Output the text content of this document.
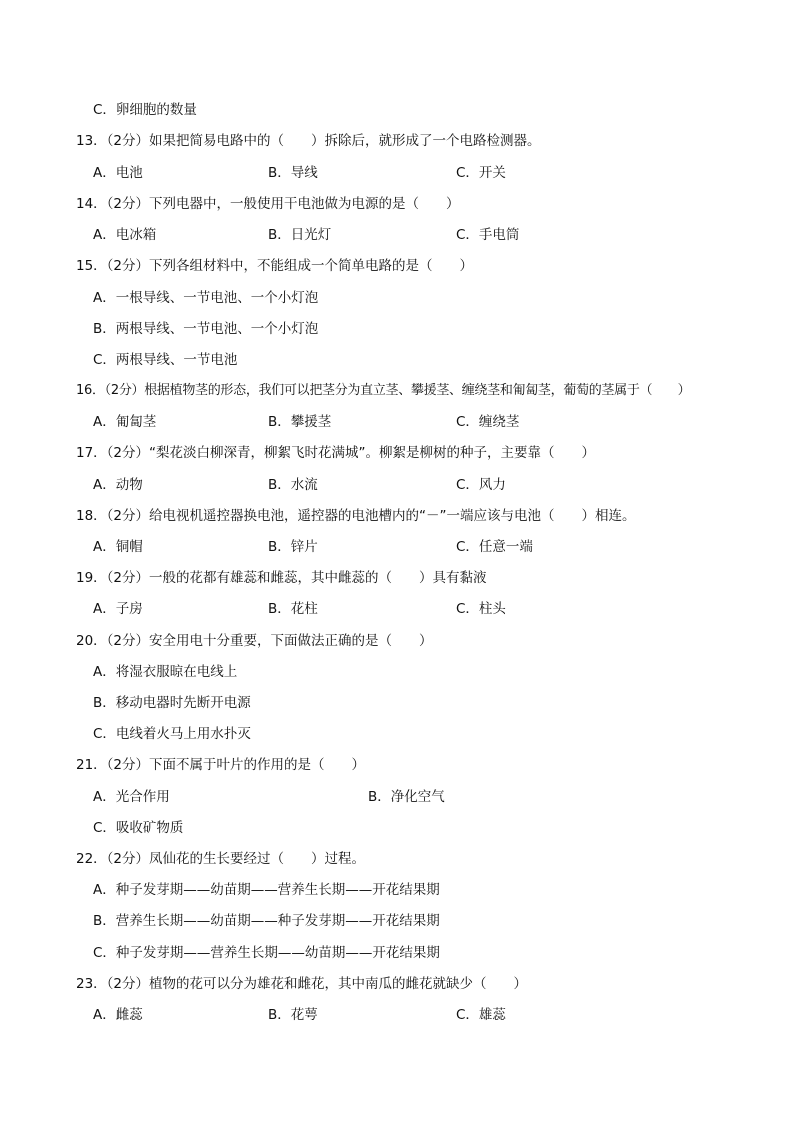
C．卵细胞的数量
13．（2分）如果把简易电路中的（　　）拆除后，就形成了一个电路检测器。
A．电池	B．导线	C．开关
14．（2分）下列电器中，一般使用干电池做为电源的是（　　）
A．电冰箱	B．日光灯	C．手电筒
15．（2分）下列各组材料中，不能组成一个简单电路的是（　　）
A．一根导线、一节电池、一个小灯泡
B．两根导线、一节电池、一个小灯泡
C．两根导线、一节电池
16．（2分）根据植物茎的形态，我们可以把茎分为直立茎、攀援茎、缠绕茎和匍匐茎，葡萄的茎属于（　　）
A．匍匐茎	B．攀援茎	C．缠绕茎
17．（2分）“梨花淡白柳深青，柳絮飞时花满城”。柳絮是柳树的种子，主要靠（　　）
A．动物	B．水流	C．风力
18．（2分）给电视机遥控器换电池，遥控器的电池槽内的“－”一端应该与电池（　　）相连。
A．铜帽	B．锌片	C．任意一端
19．（2分）一般的花都有雄蕊和雌蕊，其中雌蕊的（　　）具有黏液
A．子房	B．花柱	C．柱头
20．（2分）安全用电十分重要，下面做法正确的是（　　）
A．将湿衣服晾在电线上
B．移动电器时先断开电源
C．电线着火马上用水扑灭
21．（2分）下面不属于叶片的作用的是（　　）
A．光合作用	B．净化空气
C．吸收矿物质
22．（2分）凤仙花的生长要经过（　　）过程。
A．种子发芽期——幼苗期——营养生长期——开花结果期
B．营养生长期——幼苗期——种子发芽期——开花结果期
C．种子发芽期——营养生长期——幼苗期——开花结果期
23．（2分）植物的花可以分为雄花和雌花，其中南瓜的雌花就缺少（　　）
A．雌蕊	B．花萼	C．雄蕊
